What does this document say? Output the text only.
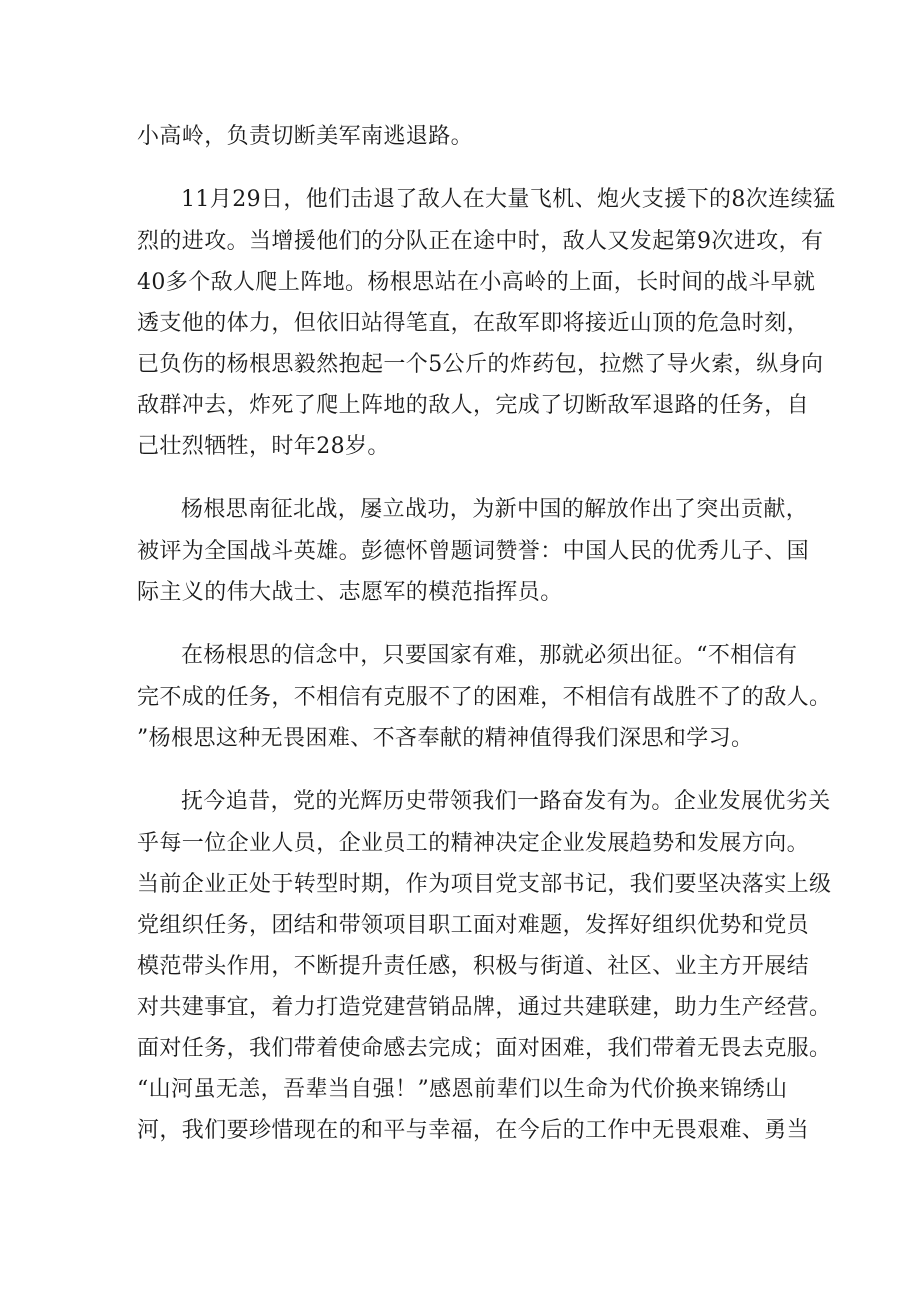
小高岭，负责切断美军南逃退路。
11月29日，他们击退了敌人在大量飞机、炮火支援下的8次连续猛
烈的进攻。当增援他们的分队正在途中时，敌人又发起第9次进攻，有
40多个敌人爬上阵地。杨根思站在小高岭的上面，长时间的战斗早就
透支他的体力，但依旧站得笔直，在敌军即将接近山顶的危急时刻，
已负伤的杨根思毅然抱起一个5公斤的炸药包，拉燃了导火索，纵身向
敌群冲去，炸死了爬上阵地的敌人，完成了切断敌军退路的任务，自
己壮烈牺牲，时年28岁。
杨根思南征北战，屡立战功，为新中国的解放作出了突出贡献，
被评为全国战斗英雄。彭德怀曾题词赞誉：中国人民的优秀儿子、国
际主义的伟大战士、志愿军的模范指挥员。
在杨根思的信念中，只要国家有难，那就必须出征。“不相信有
完不成的任务，不相信有克服不了的困难，不相信有战胜不了的敌人。
”杨根思这种无畏困难、不吝奉献的精神值得我们深思和学习。
抚今追昔，党的光辉历史带领我们一路奋发有为。企业发展优劣关
乎每一位企业人员，企业员工的精神决定企业发展趋势和发展方向。
当前企业正处于转型时期，作为项目党支部书记，我们要坚决落实上级
党组织任务，团结和带领项目职工面对难题，发挥好组织优势和党员
模范带头作用，不断提升责任感，积极与街道、社区、业主方开展结
对共建事宜，着力打造党建营销品牌，通过共建联建，助力生产经营。
面对任务，我们带着使命感去完成；面对困难，我们带着无畏去克服。
“山河虽无恙，吾辈当自强！”感恩前辈们以生命为代价换来锦绣山
河，我们要珍惜现在的和平与幸福，在今后的工作中无畏艰难、勇当
